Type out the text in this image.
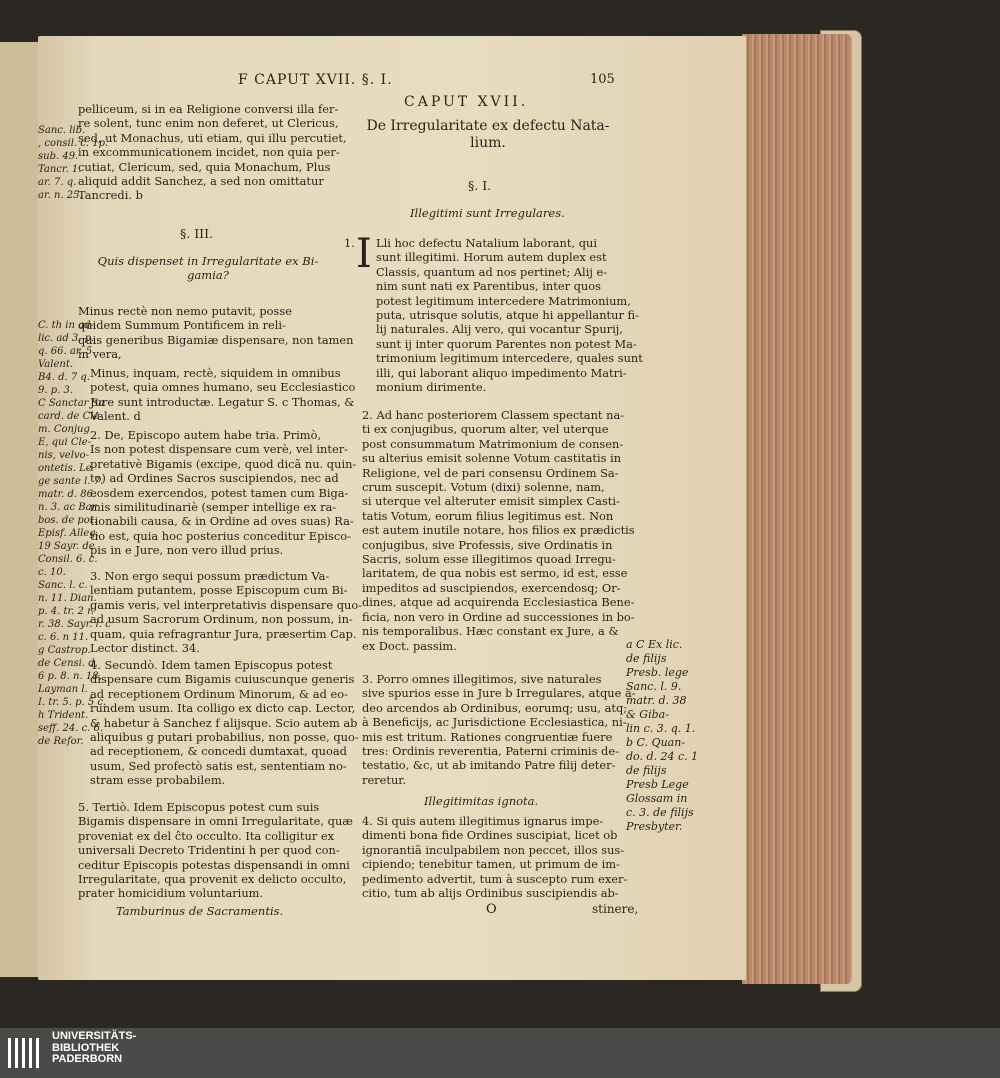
F CAPUT XVII. §. I.	105
Sanc. lib.
, consil. c. 1p.
sub. 49.
Tancr. 1.
ar. 7. q.
ar. n. 25.

C. th in ad-
lic. ad 3. p.
q. 66. ar. 5
Valent.
B4. d. 7 q.
9. p. 3.
C Sanctar Sa
card. de Cle
m. Conjug
E, qui Cle-
nis, velvo-
ontetis. Le
ge sante l. 7.
matr. d. 86.
n. 3. ac Bar
bos. de pot.
Episf. Alleg.
19 Sayr. de
Consil. 6. c.
c. 10.
Sanc. l. c.
n. 11. Dian.
p. 4. tr. 2 r.
r. 38. Sayr. l. c
c. 6. n 11.
g Castrop.
de Censi. d.
6 p. 8. n. 18,
Layman l.
I. tr. 5. p. 5 c.
h Trident.
seff. 24. c. 6.
de Refor.
pelliceum, si in ea Religione conversi illa fer-
re solent, tunc enim non deferet, ut Clericus,
sed, ut Monachus, uti etiam, qui illu percutiet,
in excommunicationem incidet, non quia per-
cutiat, Clericum, sed, quia Monachum, Plus
aliquid addit Sanchez, a sed non omittatur
Tancredi. b
§. III.
Quis dispenset in Irregularitate ex Bi-
gamia?
Minus rectè non nemo putavit, posse
quidem Summum Pontificem in reli-
quis generibus Bigamiæ dispensare, non tamen
in vera,
Minus, inquam, rectè, siquidem in omnibus
potest, quia omnes humano, seu Ecclesiastico
Jure sunt introductæ. Legatur S. c Thomas, &
Valent. d
2. De, Episcopo autem habe tria. Primò,
Is non potest dispensare cum verè, vel inter-
pretativè Bigamis (excipe, quod dicã nu. quin-
to) ad Ordines Sacros suscipiendos, nec ad
eosdem exercendos, potest tamen cum Biga-
mis similitudinariè (semper intellige ex ra-
tionabili causa, & in Ordine ad oves suas) Ra-
tio est, quia hoc posterius conceditur Episco-
pis in e Jure, non vero illud prius.
3. Non ergo sequi possum prædictum Va-
lentiam putantem, posse Episcopum cum Bi-
gamis veris, vel interpretativis dispensare quo-
ad usum Sacrorum Ordinum, non possum, in-
quam, quia refragrantur Jura, præsertim Cap.
Lector distinct. 34.
4. Secundò. Idem tamen Episcopus potest
dispensare cum Bigamis cuiuscunque generis
ad receptionem Ordinum Minorum, & ad eo-
rundem usum. Ita colligo ex dicto cap. Lector,
& habetur à Sanchez f alijsque. Scio autem ab
aliquibus g putari probabilius, non posse, quo-
ad receptionem, & concedi dumtaxat, quoad
usum, Sed profectò satis est, sententiam no-
stram esse probabilem.
5. Tertiò. Idem Episcopus potest cum suis
Bigamis dispensare in omni Irregularitate, quæ
proveniat ex del ĉto occulto. Ita colligitur ex
universali Decreto Tridentini h per quod con-
ceditur Episcopis potestas dispensandi in omni
Irregularitate, qua provenit ex delicto occulto,
prater homicidium voluntarium.
Tamburinus de Sacramentis.
CAPUT XVII.
De Irregularitate ex defectu Nata-
lium.
§. I.
Illegitimi sunt Irregulares.
1. I Lli hoc defectu Natalium laborant, qui
sunt illegitimi. Horum autem duplex est
Classis, quantum ad nos pertinet; Alij e-
nim sunt nati ex Parentibus, inter quos
potest legitimum intercedere Matrimonium,
puta, utrisque solutis, atque hi appellantur fi-
lij naturales. Alij vero, qui vocantur Spurij,
sunt ij inter quorum Parentes non potest Ma-
trimonium legitimum intercedere, quales sunt
illi, qui laborant aliquo impedimento Matri-
monium dirimente.
2. Ad hanc posteriorem Classem spectant na-
ti ex conjugibus, quorum alter, vel uterque
post consummatum Matrimonium de consen-
su alterius emisit solenne Votum castitatis in
Religione, vel de pari consensu Ordinem Sa-
crum suscepit. Votum (dixi) solenne, nam,
si uterque vel alteruter emisit simplex Casti-
tatis Votum, eorum filius legitimus est. Non
est autem inutile notare, hos filios ex prædictis
conjugibus, sive Professis, sive Ordinatis in
Sacris, solum esse illegitimos quoad Irregu-
laritatem, de qua nobis est sermo, id est, esse
impeditos ad suscipiendos, exercendosq; Or-
dines, atque ad acquirenda Ecclesiastica Bene-
ficia, non vero in Ordine ad successiones in bo-
nis temporalibus. Hæc constant ex Jure, a &
ex Doct. passim.
3. Porro omnes illegitimos, sive naturales
sive spurios esse in Jure b Irregulares, atque a-
deo arcendos ab Ordinibus, eorumq; usu, atq;
à Beneficijs, ac Jurisdictione Ecclesiastica, ni-
mis est tritum. Rationes congruentiæ fuere
tres: Ordinis reverentia, Paterni criminis de-
testatio, &c, ut ab imitando Patre filij deter-
reretur.
Illegitimitas ignota.
4. Si quis autem illegitimus ignarus impe-
dimenti bona fide Ordines suscipiat, licet ob
ignorantiã inculpabilem non peccet, illos sus-
cipiendo; tenebitur tamen, ut primum de im-
pedimento advertit, tum à suscepto rum exer-
citio, tum ab alijs Ordinibus suscipiendis ab-
O	stinere,
a C Ex lic.
de filijs
Presb. lege
Sanc. l. 9.
matr. d. 38
& Giba-
lin c. 3. q. 1.
b C. Quan-
do. d. 24 c. 1
de filijs
Presb Lege
Glossam in
c. 3. de filijs
Presbyter.
UNIVERSITÄTS-
BIBLIOTHEK
PADERBORN
